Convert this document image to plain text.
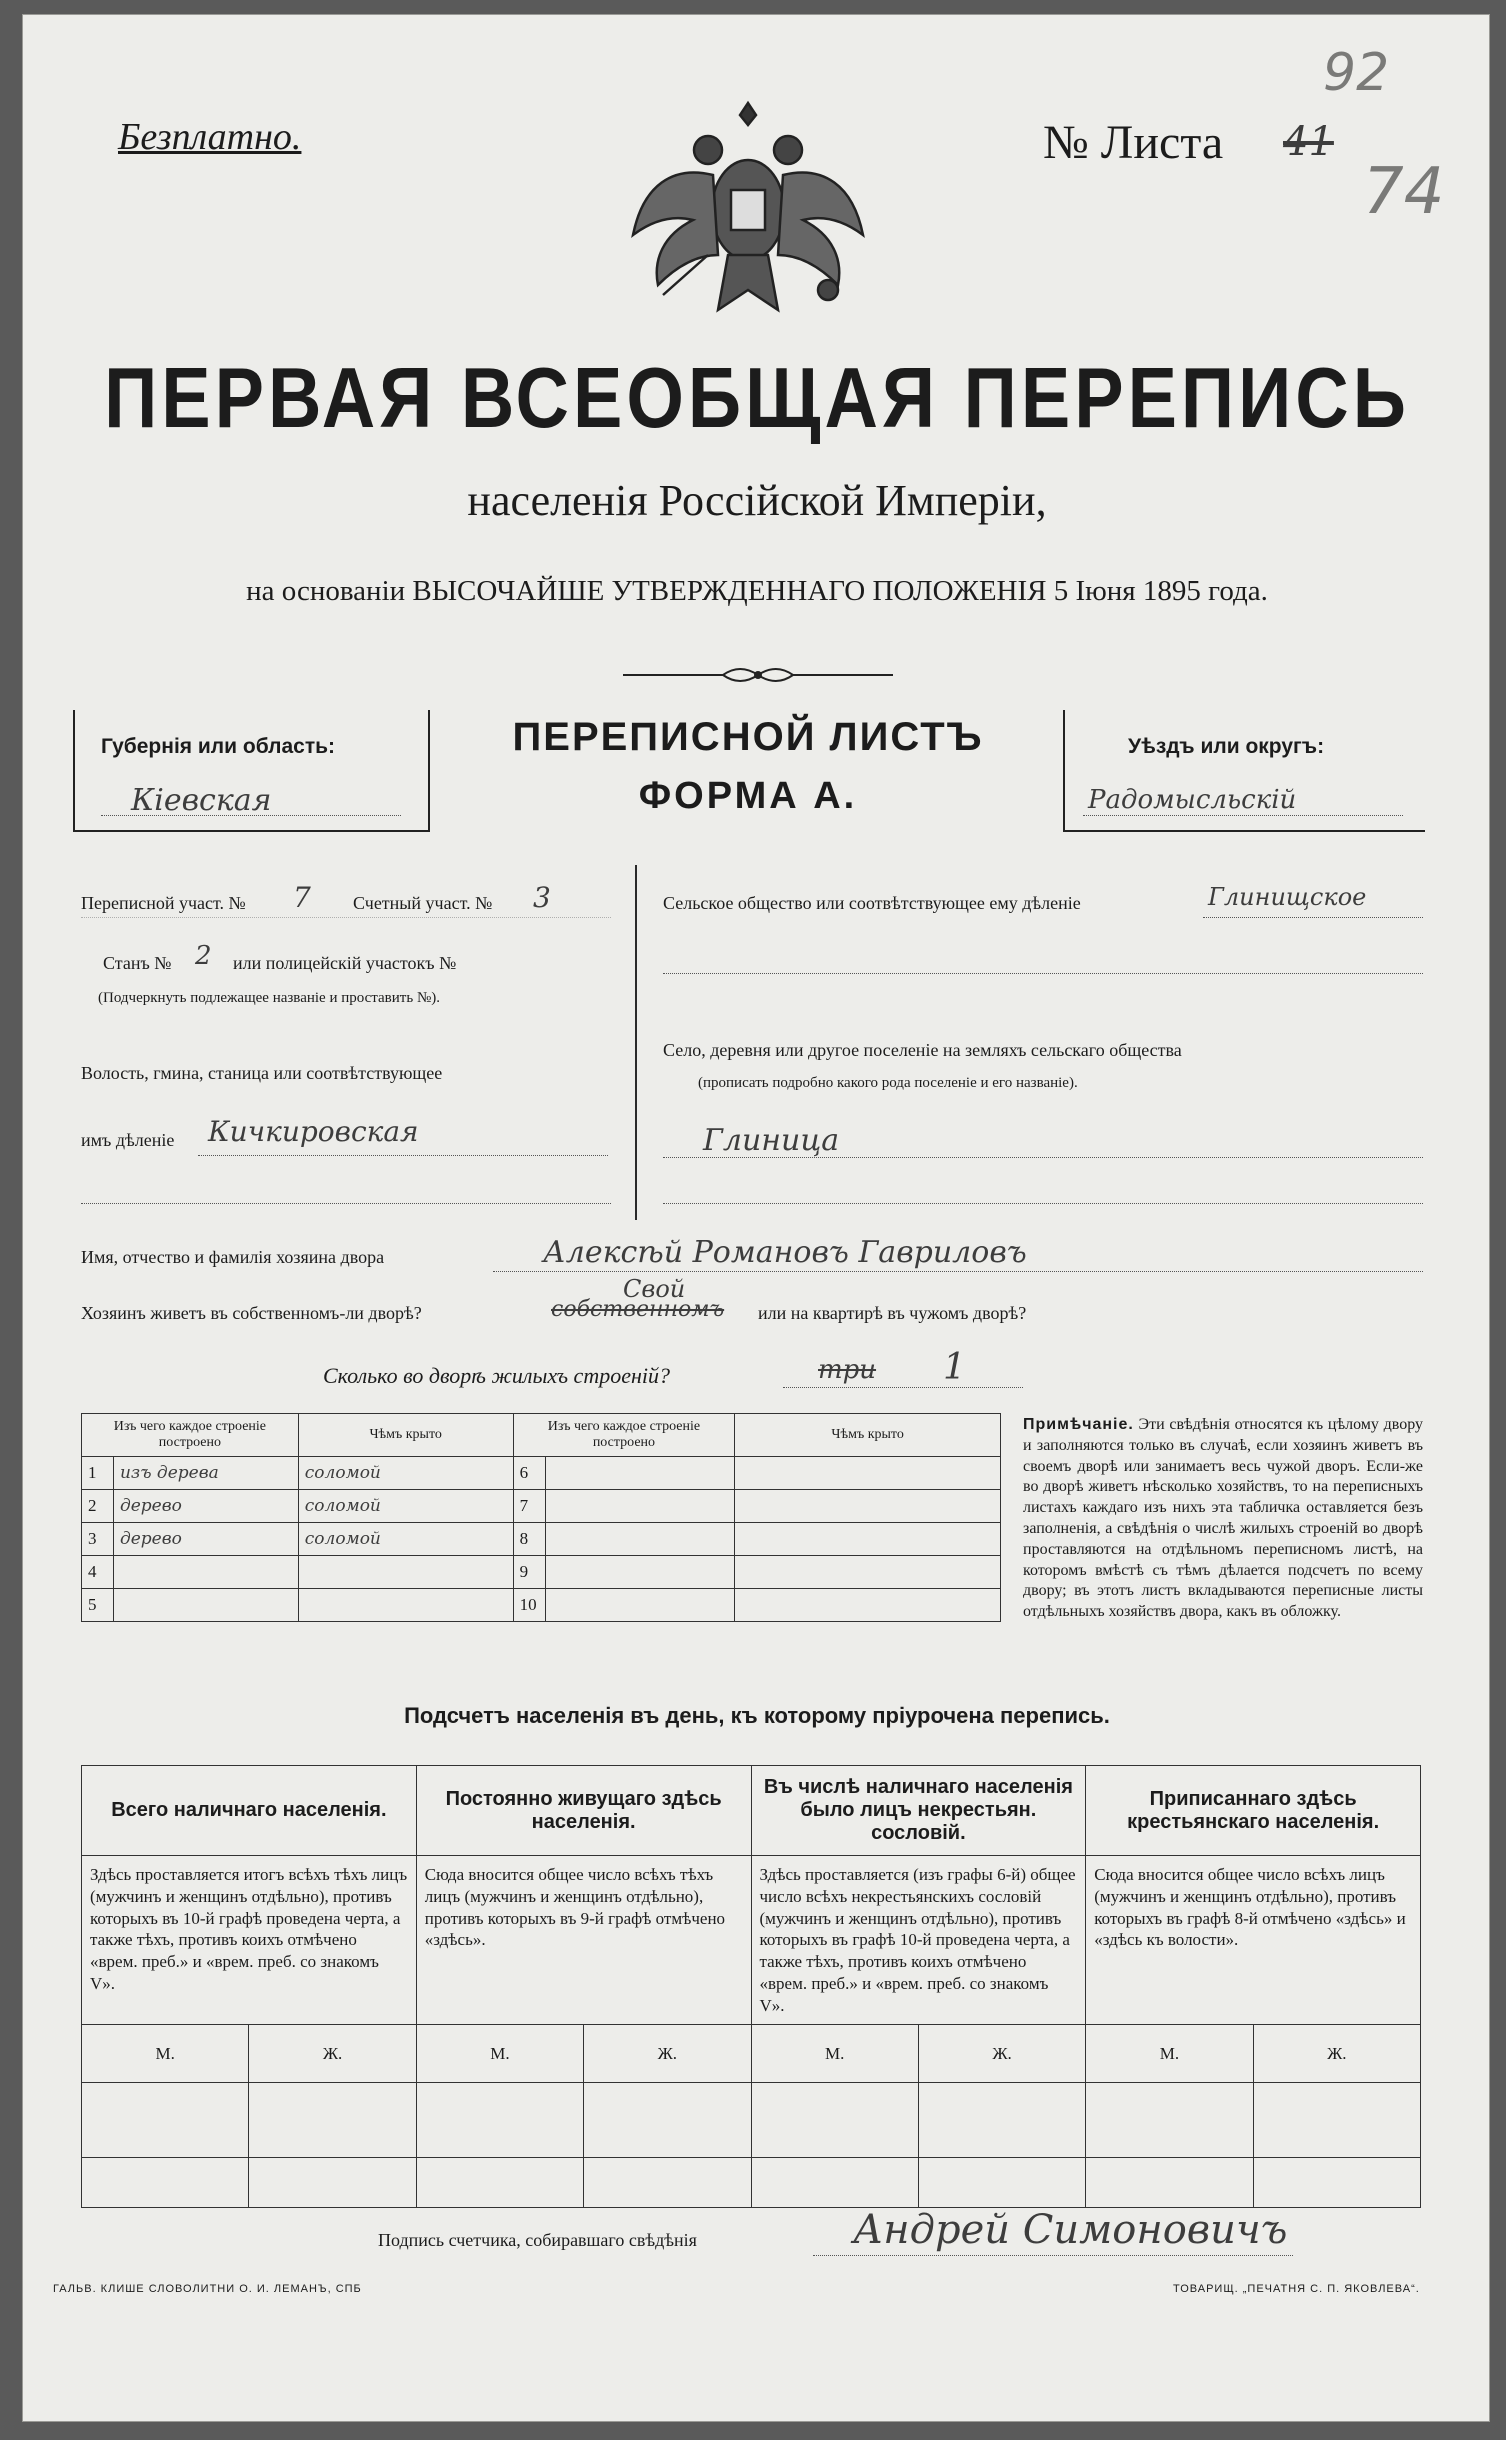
Безплатно.
92
74
№ Листа 41
ПЕРВАЯ ВСЕОБЩАЯ ПЕРЕПИСЬ
населенія Россійской Имперіи,
на основаніи ВЫСОЧАЙШЕ УТВЕРЖДЕННАГО ПОЛОЖЕНІЯ 5 Іюня 1895 года.
Губернія или область:
Кіевская
ПЕРЕПИСНОЙ ЛИСТЪ
ФОРМА А.
Уѣздъ или округъ:
Радомысльскій
Переписной участ. № 7 Счетный участ. № 3
Станъ № 2 или полицейскій участокъ №
(Подчеркнуть подлежащее названіе и проставить №).
Волость, гмина, станица или соотвѣтствующее
имъ дѣленіе Кичкировская
Сельское общество или соотвѣтствующее ему дѣленіе	Глинищское
Село, деревня или другое поселеніе на земляхъ сельскаго общества
(прописать подробно какого рода поселеніе и его названіе).
Глиница
Имя, отчество и фамилія хозяина двора	Алексѣй Романовъ Гавриловъ
Хозяинъ живетъ въ собственномъ-ли дворѣ?	собственномъ
Свой
или на квартирѣ въ чужомъ дворѣ?
Сколько во дворѣ жилыхъ строеній?	три 1
Изъ чего каждое строеніе построено		Чѣмъ крыто	Изъ чего каждое строеніе построено		Чѣмъ крыто
1	изъ дерева	соломой	6		
2	дерево	соломой	7		
3	дерево	соломой	8		
4			9		
5			10		
Примѣчаніе. Эти свѣдѣнія относятся къ цѣлому двору и заполняются только въ случаѣ, если хозяинъ живетъ въ своемъ дворѣ или занимаетъ весь чужой дворъ. Если-же во дворѣ живетъ нѣсколько хозяйствъ, то на переписныхъ листахъ каждаго изъ нихъ эта табличка оставляется безъ заполненія, а свѣдѣнія о числѣ жилыхъ строеній во дворѣ проставляются на отдѣльномъ переписномъ листѣ, на которомъ вмѣстѣ съ тѣмъ дѣлается подсчетъ по всему двору; въ этотъ листъ вкладываются переписные листы отдѣльныхъ хозяйствъ двора, какъ въ обложку.
Подсчетъ населенія въ день, къ которому пріурочена перепись.
Всего наличнаго населенія.		Постоянно живущаго здѣсь населенія.		Въ числѣ наличнаго населенія было лицъ некрестьян. сословій.		Приписаннаго здѣсь крестьянскаго населенія.	
Здѣсь проставляется итогъ всѣхъ тѣхъ лицъ (мужчинъ и женщинъ отдѣльно), противъ которыхъ въ 10-й графѣ проведена черта, а также тѣхъ, противъ коихъ отмѣчено «врем. преб.» и «врем. преб. со знакомъ V».		Сюда вносится общее число всѣхъ тѣхъ лицъ (мужчинъ и женщинъ отдѣльно), противъ которыхъ въ 9-й графѣ отмѣчено «здѣсь».		Здѣсь проставляется (изъ графы 6-й) общее число всѣхъ некрестьянскихъ сословій (мужчинъ и женщинъ отдѣльно), противъ которыхъ въ графѣ 10-й проведена черта, а также тѣхъ, противъ коихъ отмѣчено «врем. преб.» и «врем. преб. со знакомъ V».		Сюда вносится общее число всѣхъ лицъ (мужчинъ и женщинъ отдѣльно), противъ которыхъ въ графѣ 8-й отмѣчено «здѣсь» и «здѣсь къ волости».	
М.	Ж.	М.	Ж.	М.	Ж.	М.	Ж.

Подпись счетчика, собиравшаго свѣдѣнія	Андрей Симоновичъ
ГАЛЬВ. КЛИШЕ СЛОВОЛИТНИ О. И. ЛЕМАНЪ, СПБ	ТОВАРИЩ. „ПЕЧАТНЯ С. П. ЯКОВЛЕВА“.
